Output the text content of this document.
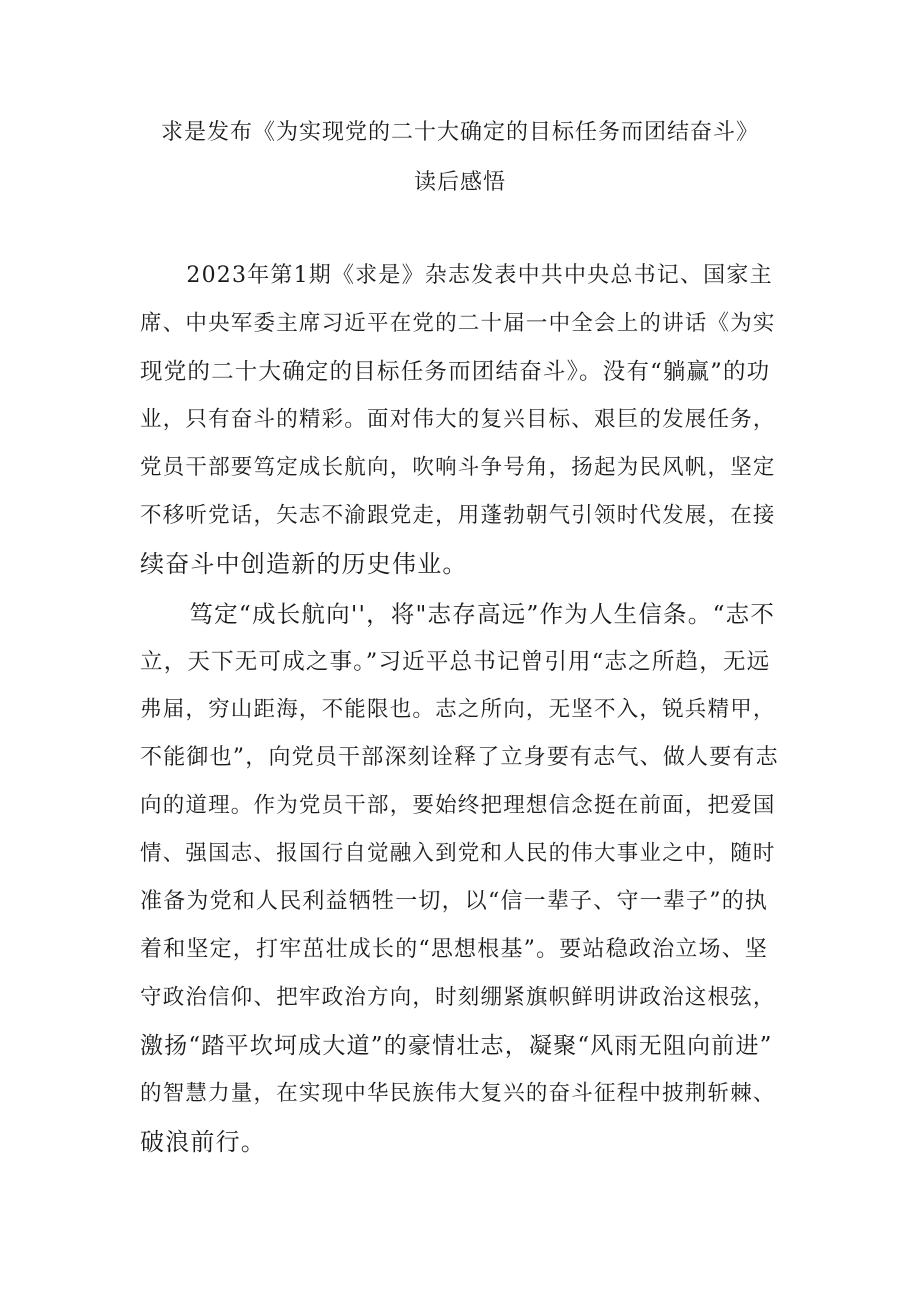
求是发布《为实现党的二十大确定的目标任务而团结奋斗》
读后感悟
　　2023年第1期《求是》杂志发表中共中央总书记、国家主
席、中央军委主席习近平在党的二十届一中全会上的讲话《为实
现党的二十大确定的目标任务而团结奋斗》。没有“躺赢”的功
业，只有奋斗的精彩。面对伟大的复兴目标、艰巨的发展任务，
党员干部要笃定成长航向，吹响斗争号角，扬起为民风帆，坚定
不移听党话，矢志不渝跟党走，用蓬勃朝气引领时代发展，在接
续奋斗中创造新的历史伟业。
　　笃定“成长航向''，将"志存高远”作为人生信条。“志不
立，天下无可成之事。”习近平总书记曾引用“志之所趋，无远
弗届，穷山距海，不能限也。志之所向，无坚不入，锐兵精甲，
不能御也”，向党员干部深刻诠释了立身要有志气、做人要有志
向的道理。作为党员干部，要始终把理想信念挺在前面，把爱国
情、强国志、报国行自觉融入到党和人民的伟大事业之中，随时
准备为党和人民利益牺牲一切，以“信一辈子、守一辈子”的执
着和坚定，打牢茁壮成长的“思想根基”。要站稳政治立场、坚
守政治信仰、把牢政治方向，时刻绷紧旗帜鲜明讲政治这根弦，
激扬“踏平坎坷成大道”的豪情壮志，凝聚“风雨无阻向前进”
的智慧力量，在实现中华民族伟大复兴的奋斗征程中披荆斩棘、
破浪前行。
